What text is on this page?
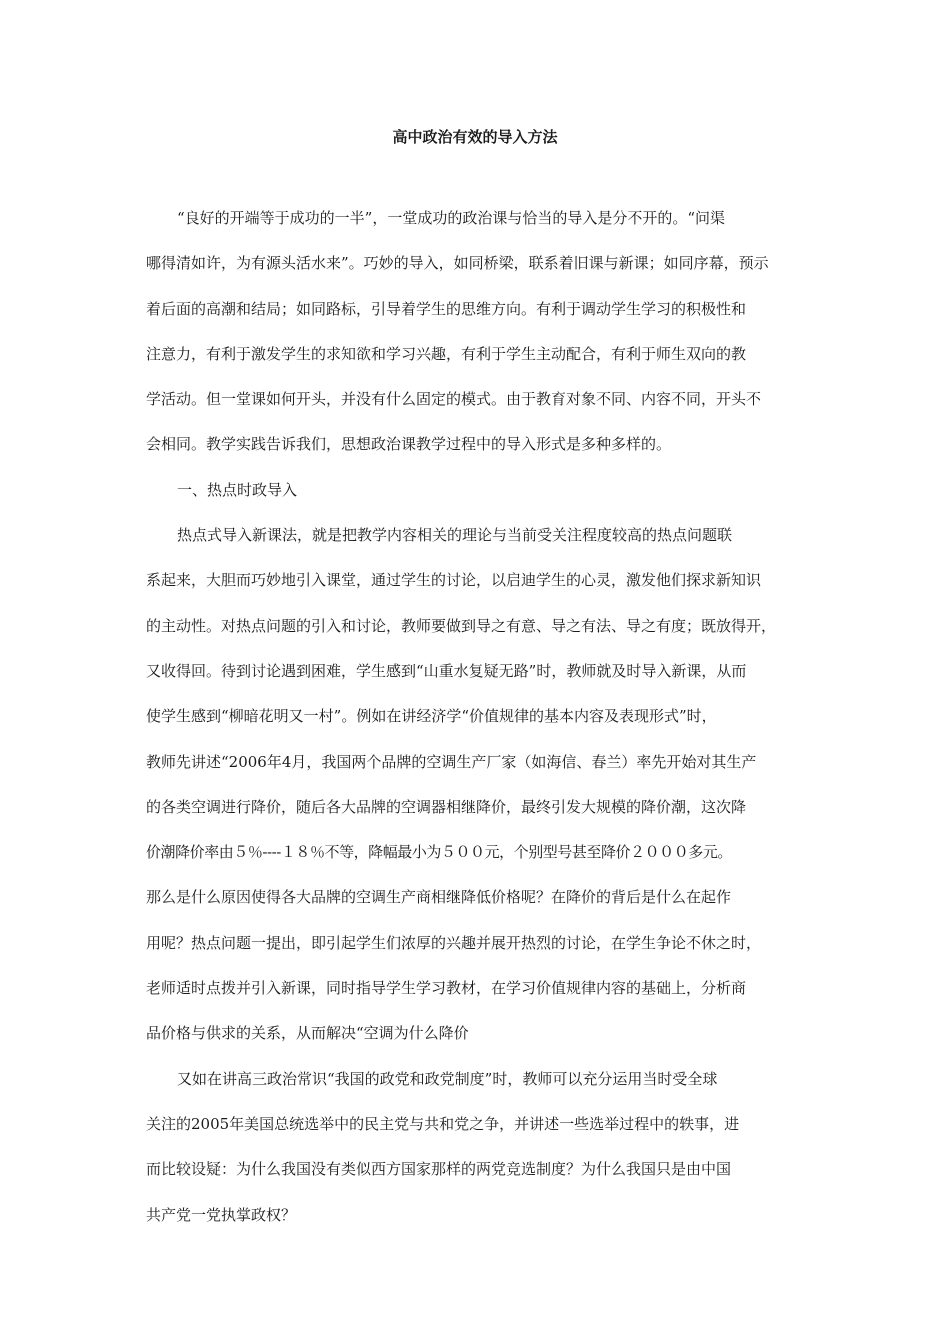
高中政治有效的导入方法
“良好的开端等于成功的一半”，一堂成功的政治课与恰当的导入是分不开的。“问渠
哪得清如许，为有源头活水来”。巧妙的导入，如同桥梁，联系着旧课与新课；如同序幕，预示
着后面的高潮和结局；如同路标，引导着学生的思维方向。有利于调动学生学习的积极性和
注意力，有利于激发学生的求知欲和学习兴趣，有利于学生主动配合，有利于师生双向的教
学活动。但一堂课如何开头，并没有什么固定的模式。由于教育对象不同、内容不同，开头不
会相同。教学实践告诉我们，思想政治课教学过程中的导入形式是多种多样的。
一、热点时政导入
热点式导入新课法，就是把教学内容相关的理论与当前受关注程度较高的热点问题联
系起来，大胆而巧妙地引入课堂，通过学生的讨论，以启迪学生的心灵，激发他们探求新知识
的主动性。对热点问题的引入和讨论，教师要做到导之有意、导之有法、导之有度；既放得开，
又收得回。待到讨论遇到困难，学生感到“山重水复疑无路”时，教师就及时导入新课，从而
使学生感到“柳暗花明又一村”。例如在讲经济学“价值规律的基本内容及表现形式”时，
教师先讲述“2006年4月，我国两个品牌的空调生产厂家（如海信、春兰）率先开始对其生产
的各类空调进行降价，随后各大品牌的空调器相继降价，最终引发大规模的降价潮，这次降
价潮降价率由５％----１８％不等，降幅最小为５００元，个别型号甚至降价２０００多元。
那么是什么原因使得各大品牌的空调生产商相继降低价格呢？在降价的背后是什么在起作
用呢？热点问题一提出，即引起学生们浓厚的兴趣并展开热烈的讨论，在学生争论不休之时，
老师适时点拨并引入新课，同时指导学生学习教材，在学习价值规律内容的基础上，分析商
品价格与供求的关系，从而解决“空调为什么降价
又如在讲高三政治常识“我国的政党和政党制度”时，教师可以充分运用当时受全球
关注的2005年美国总统选举中的民主党与共和党之争，并讲述一些选举过程中的轶事，进
而比较设疑：为什么我国没有类似西方国家那样的两党竞选制度？为什么我国只是由中国
共产党一党执掌政权？
